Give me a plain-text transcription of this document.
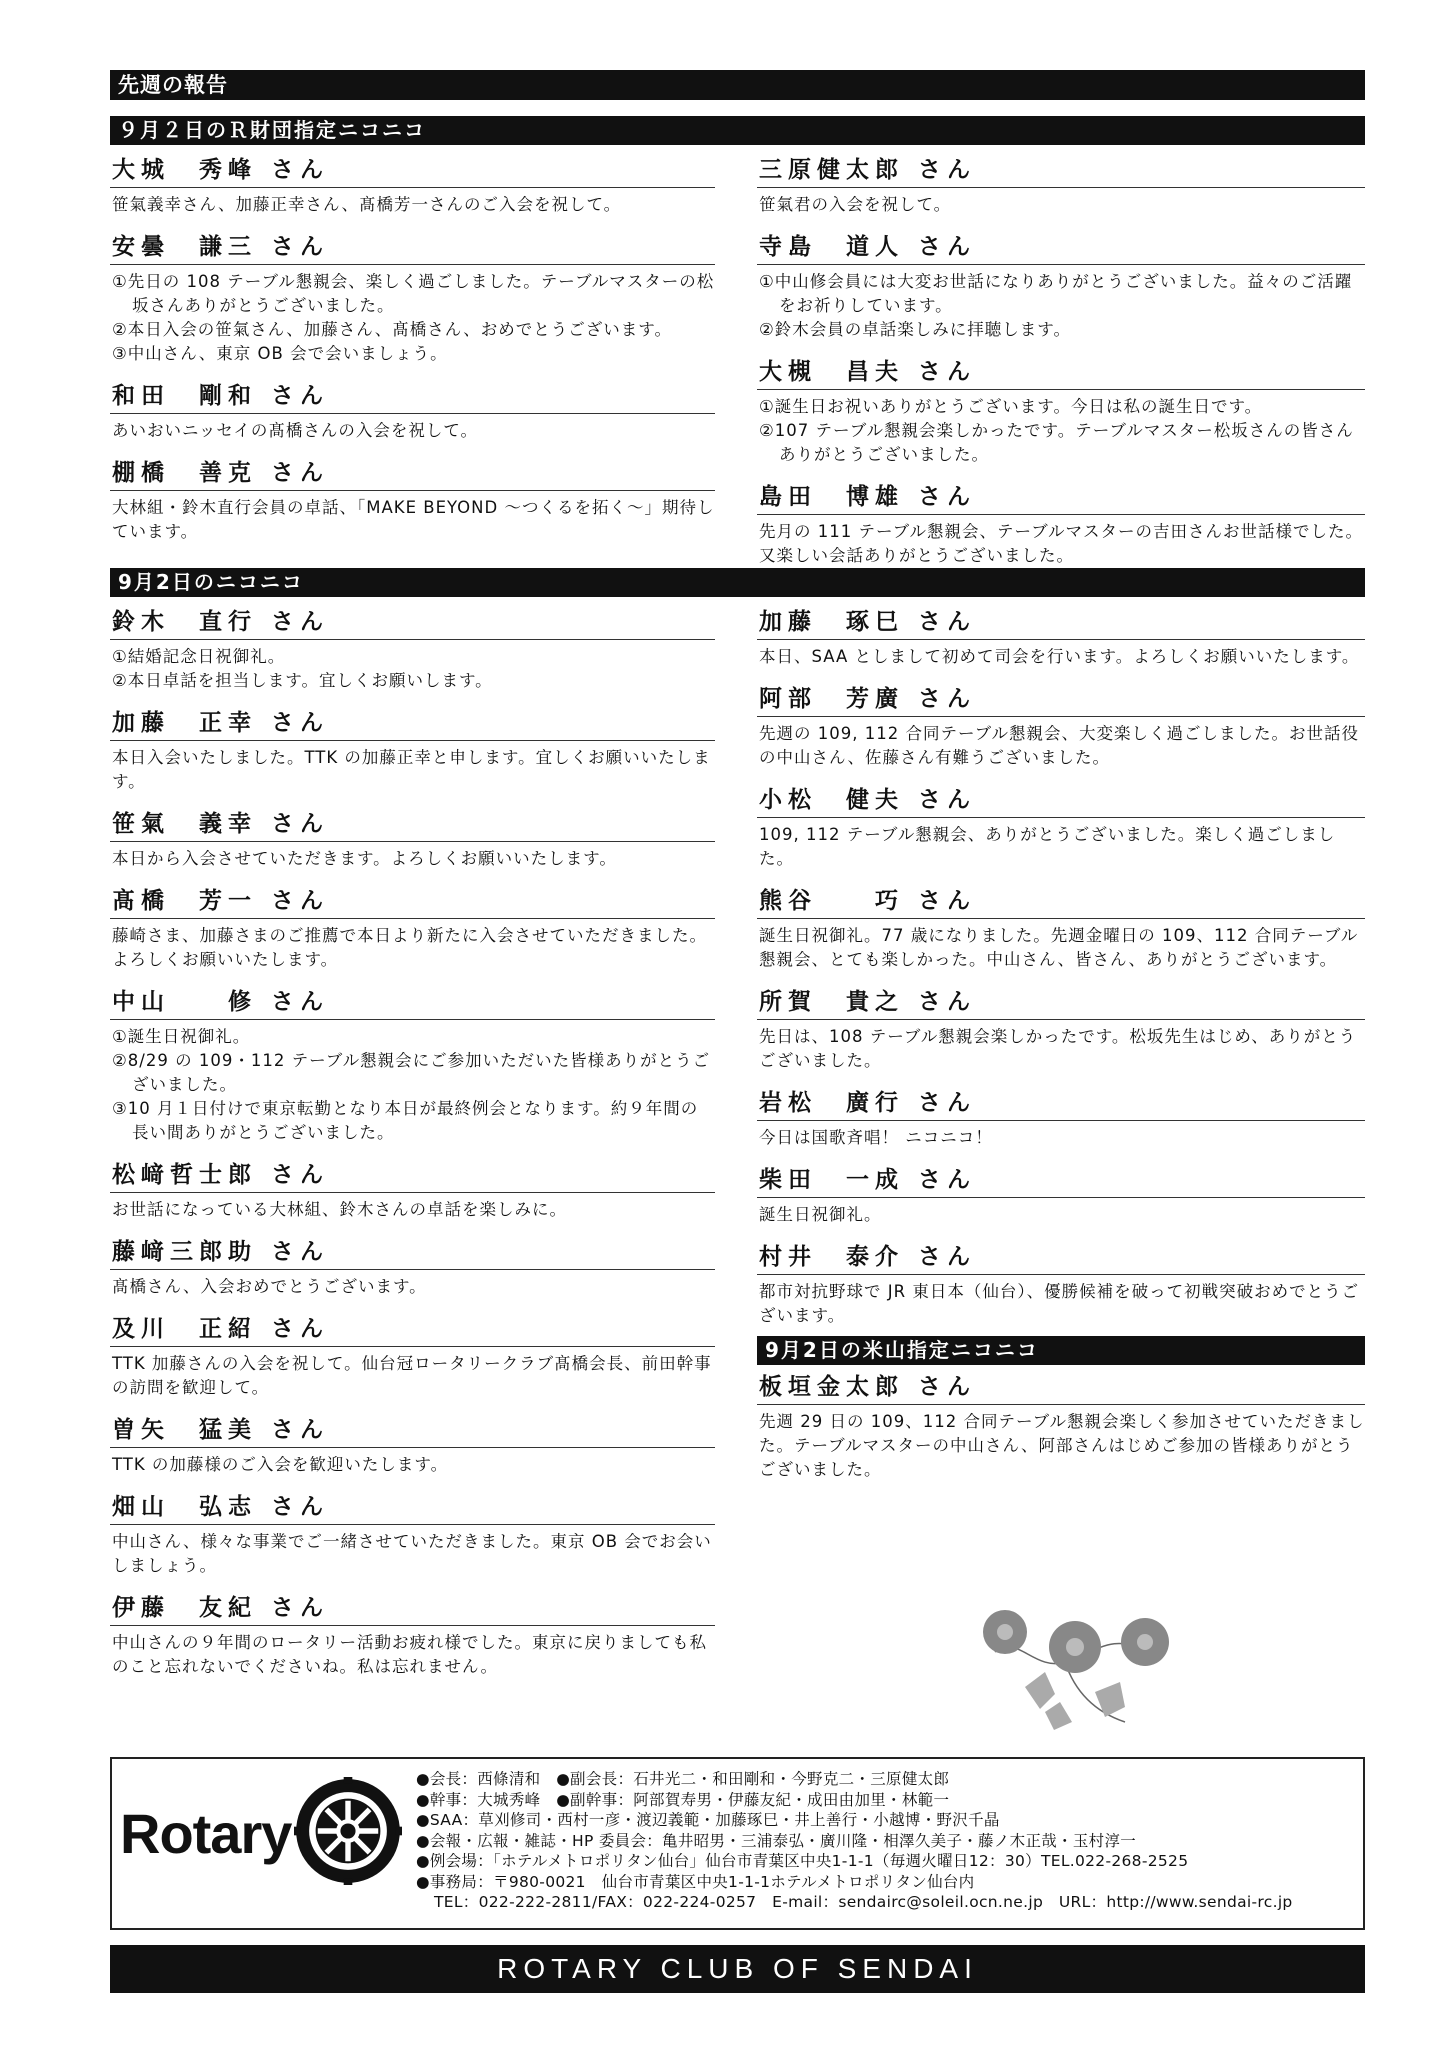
先週の報告
９月２日のＲ財団指定ニコニコ
大城　秀峰 さん

笹氣義幸さん、加藤正幸さん、髙橋芳一さんのご入会を祝して。

安曇　謙三 さん

①先日の 108 テーブル懇親会、楽しく過ごしました。テーブルマスターの松坂さんありがとうございました。

②本日入会の笹氣さん、加藤さん、髙橋さん、おめでとうございます。

③中山さん、東京 OB 会で会いましょう。

和田　剛和 さん

あいおいニッセイの髙橋さんの入会を祝して。

棚橋　善克 さん

大林組・鈴木直行会員の卓話、「MAKE BEYOND ～つくるを拓く～」期待しています。

三原健太郎 さん

笹氣君の入会を祝して。

寺島　道人 さん

①中山修会員には大変お世話になりありがとうございました。益々のご活躍をお祈りしています。

②鈴木会員の卓話楽しみに拝聴します。

大槻　昌夫 さん

①誕生日お祝いありがとうございます。今日は私の誕生日です。

②107 テーブル懇親会楽しかったです。テーブルマスター松坂さんの皆さんありがとうございました。

島田　博雄 さん

先月の 111 テーブル懇親会、テーブルマスターの吉田さんお世話様でした。又楽しい会話ありがとうございました。

9月2日のニコニコ
鈴木　直行 さん

①結婚記念日祝御礼。

②本日卓話を担当します。宜しくお願いします。

加藤　正幸 さん

本日入会いたしました。TTK の加藤正幸と申します。宜しくお願いいたします。

笹氣　義幸 さん

本日から入会させていただきます。よろしくお願いいたします。

髙橋　芳一 さん

藤崎さま、加藤さまのご推薦で本日より新たに入会させていただきました。よろしくお願いいたします。

中山　　修 さん

①誕生日祝御礼。

②8/29 の 109・112 テーブル懇親会にご参加いただいた皆様ありがとうございました。

③10 月１日付けで東京転勤となり本日が最終例会となります。約９年間の長い間ありがとうございました。

松﨑哲士郎 さん

お世話になっている大林組、鈴木さんの卓話を楽しみに。

藤﨑三郎助 さん

髙橋さん、入会おめでとうございます。

及川　正紹 さん

TTK 加藤さんの入会を祝して。仙台冠ロータリークラブ髙橋会長、前田幹事の訪問を歓迎して。

曽矢　猛美 さん

TTK の加藤様のご入会を歓迎いたします。

畑山　弘志 さん

中山さん、様々な事業でご一緒させていただきました。東京 OB 会でお会いしましょう。

伊藤　友紀 さん

中山さんの９年間のロータリー活動お疲れ様でした。東京に戻りましても私のこと忘れないでくださいね。私は忘れません。

加藤　琢巳 さん

本日、SAA としまして初めて司会を行います。よろしくお願いいたします。

阿部　芳廣 さん

先週の 109, 112 合同テーブル懇親会、大変楽しく過ごしました。お世話役の中山さん、佐藤さん有難うございました。

小松　健夫 さん

109, 112 テーブル懇親会、ありがとうございました。楽しく過ごしました。

熊谷　　巧 さん

誕生日祝御礼。77 歳になりました。先週金曜日の 109、112 合同テーブル懇親会、とても楽しかった。中山さん、皆さん、ありがとうございます。

所賀　貴之 さん

先日は、108 テーブル懇親会楽しかったです。松坂先生はじめ、ありがとうございました。

岩松　廣行 さん

今日は国歌斉唱！ ニコニコ！

柴田　一成 さん

誕生日祝御礼。

村井　泰介 さん

都市対抗野球で JR 東日本（仙台）、優勝候補を破って初戦突破おめでとうございます。

9月2日の米山指定ニコニコ
板垣金太郎 さん

先週 29 日の 109、112 合同テーブル懇親会楽しく参加させていただきました。テーブルマスターの中山さん、阿部さんはじめご参加の皆様ありがとうございました。

Rotary

●会長：西條清和　●副会長：石井光二・和田剛和・今野克二・三原健太郎

●幹事：大城秀峰　●副幹事：阿部賀寿男・伊藤友紀・成田由加里・林範一

●SAA：草刈修司・西村一彦・渡辺義範・加藤琢巳・井上善行・小越博・野沢千晶

●会報・広報・雑誌・HP 委員会：亀井昭男・三浦泰弘・廣川隆・相澤久美子・藤ノ木正哉・玉村淳一

●例会場：「ホテルメトロポリタン仙台」仙台市青葉区中央1-1-1（毎週火曜日12：30）TEL.022-268-2525

●事務局：〒980-0021　仙台市青葉区中央1-1-1ホテルメトロポリタン仙台内

TEL：022-222-2811/FAX：022-224-0257　E-mail：sendairc@soleil.ocn.ne.jp　URL：http://www.sendai-rc.jp

ROTARY CLUB OF SENDAI
